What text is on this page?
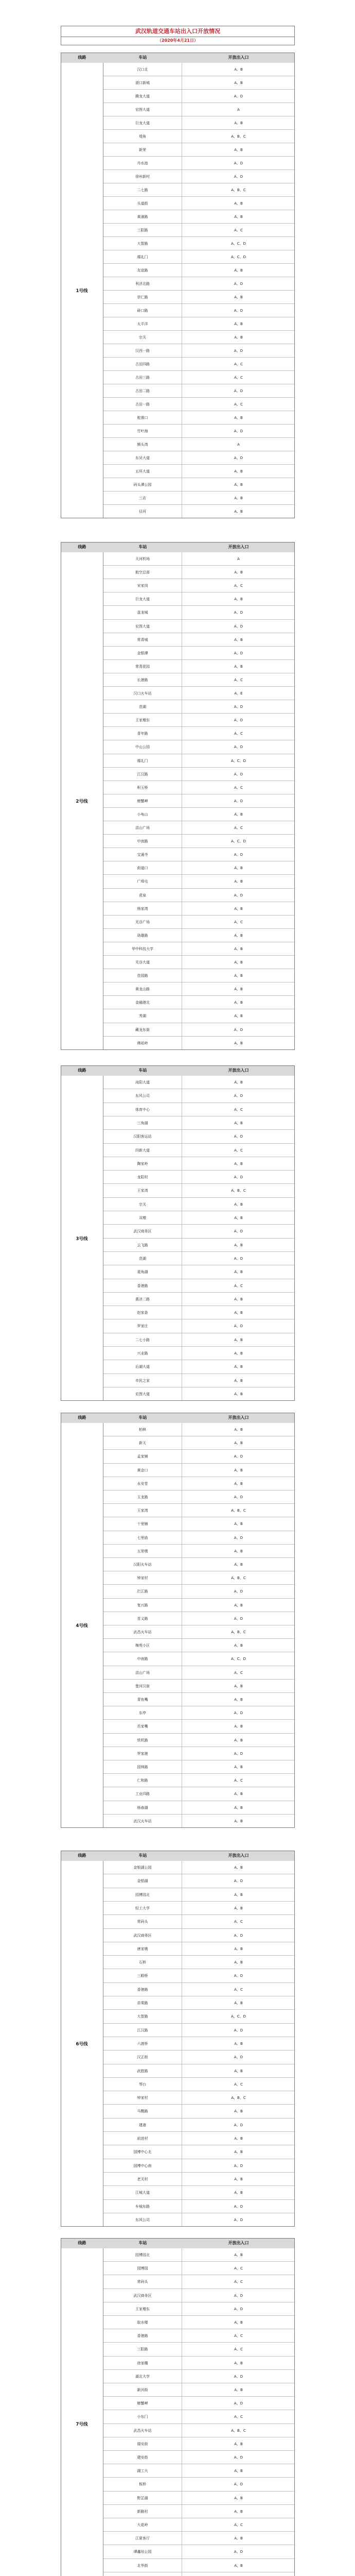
武汉轨道交通车站出入口开放情况
（2020年4月21日）
线路	车站	开放出入口
1号线
汉口北	A、B
滠口新城	A、B
腾龙大道	A、D
宏图大道	A
巨龙大道	A、B
堤角	A、B、C
新荣	A、B
丹水池	A、D
徐州新村	A、D
二七路	A、B、C
头道街	A、B
黄浦路	A、B
三阳路	A、C
大智路	A、C、D
循礼门	A、C、D
友谊路	A、B
利济北路	A、D
崇仁路	A、B
硚口路	A、D
太平洋	A、B
宗关	A、B
汉西一路	A、D
古田四路	A、C
古田三路	A、C
古田二路	A、D
古田一路	A、C
舵落口	A、B
竹叶海	A、D
额头湾	A
东吴大道	A、D
五环大道	A、B
码头潭公园	A、B
三店	A、B
径河	A、B
线路	车站	开放出入口
2号线
天河机场	A
航空总部	A、B
宋家岗	A、C
巨龙大道	A、B
盘龙城	A、D
宏图大道	A、D
常青城	A、B
金银潭	A、D
常青花园	A、B
长港路	A、C
汉口火车站	A、E
范湖	A、D
王家墩东	A、D
青年路	A、C
中山公园	A、D
循礼门	A、C、D
江汉路	A、D
积玉桥	A、C
螃蟹岬	A、D
小龟山	A、B
洪山广场	A、C
中南路	A、C、D
宝通寺	A、D
街道口	A、B
广埠屯	A、B
虎泉	A、D
杨家湾	A、B
光谷广场	A、C
珞雄路	A、B
华中科技大学	A、B
光谷大道	A、B
佳园路	A、B
黄龙山路	A、B
金融港北	A、B
秀湖	A、B
藏龙东街	A、D
佛祖岭	A、B
线路	车站	开放出入口
3号线
沌阳大道	A、B
东风公司	A、D
体育中心	A、C
三角湖	A、B
汉阳客运站	A、D
四新大道	A、C
陶家岭	A、B
龙阳村	A、D
王家湾	A、B、C
宗关	A、B
双墩	A、B
武汉商务区	A、D
云飞路	A、B
范湖	A、D
菱角湖	A、B
香港路	A、C
惠济二路	A、B
赵家条	A、B
罗家庄	A、D
二七小路	A、B
兴业路	A、B
后湖大道	A、B
市民之家	A、B
宏图大道	A、B
线路	车站	开放出入口
4号线
柏林	A、B
新天	A、B
孟家铺	A、D
黄金口	A、B
永安堂	A、B
玉龙路	A、D
王家湾	A、B、C
十里铺	A、B
七里庙	A、D
五里墩	A、B
汉阳火车站	A、B
钟家村	A、B、C
拦江路	A、D
复兴路	A、B
首义路	A、D
武昌火车站	A、B、C
梅苑小区	A、B
中南路	A、C、D
洪山广场	A、C
楚河汉街	A、B
青鱼嘴	A、B
东亭	A、D
岳家嘴	A、B
铁机路	A、B
罗家港	A、D
园林路	A、B
仁和路	A、C
工业四路	A、B
杨春湖	A、B
武汉火车站	A、B
线路	车站	开放出入口
6号线
金银湖公园	A、B
金银湖	A、D
园博园北	A、B
轻工大学	A、B
常码头	A、C
武汉商务区	A、D
唐家墩	A、B
石桥	A、B
三眼桥	A、D
香港路	A、C
苗栗路	A、B
大智路	A、C、D
江汉路	A、D
六渡桥	A、B
汉正街	A、D
武胜路	A、B
琴台	A、C
钟家村	A、B、C
马鹦路	A、B
建港	A、D
前进村	A、B
国博中心北	A、B
国博中心南	A、D
老关村	A、B
江城大道	A、B
车城东路	A、D
东风公司	A、D
线路	车站	开放出入口
7号线
园博园北	A、B
园博园	A、C
常码头	A、C
武汉商务区	A、D
王家墩东	A、D
取水楼	A、B
香港路	A、C
三阳路	A、C
徐家棚	A、B
湖北大学	A、D
新河街	A、B
螃蟹岬	A、D
小东门	A、C
武昌火车站	A、B、C
瑞安街	A、B
建安街	A、D
湖工大	A、B
板桥	A、D
野芷湖	A、B
新路村	A、B
大花岭	A、C
江夏客厅	A、B
谭鑫培公园	A、D
北华街	A、B
